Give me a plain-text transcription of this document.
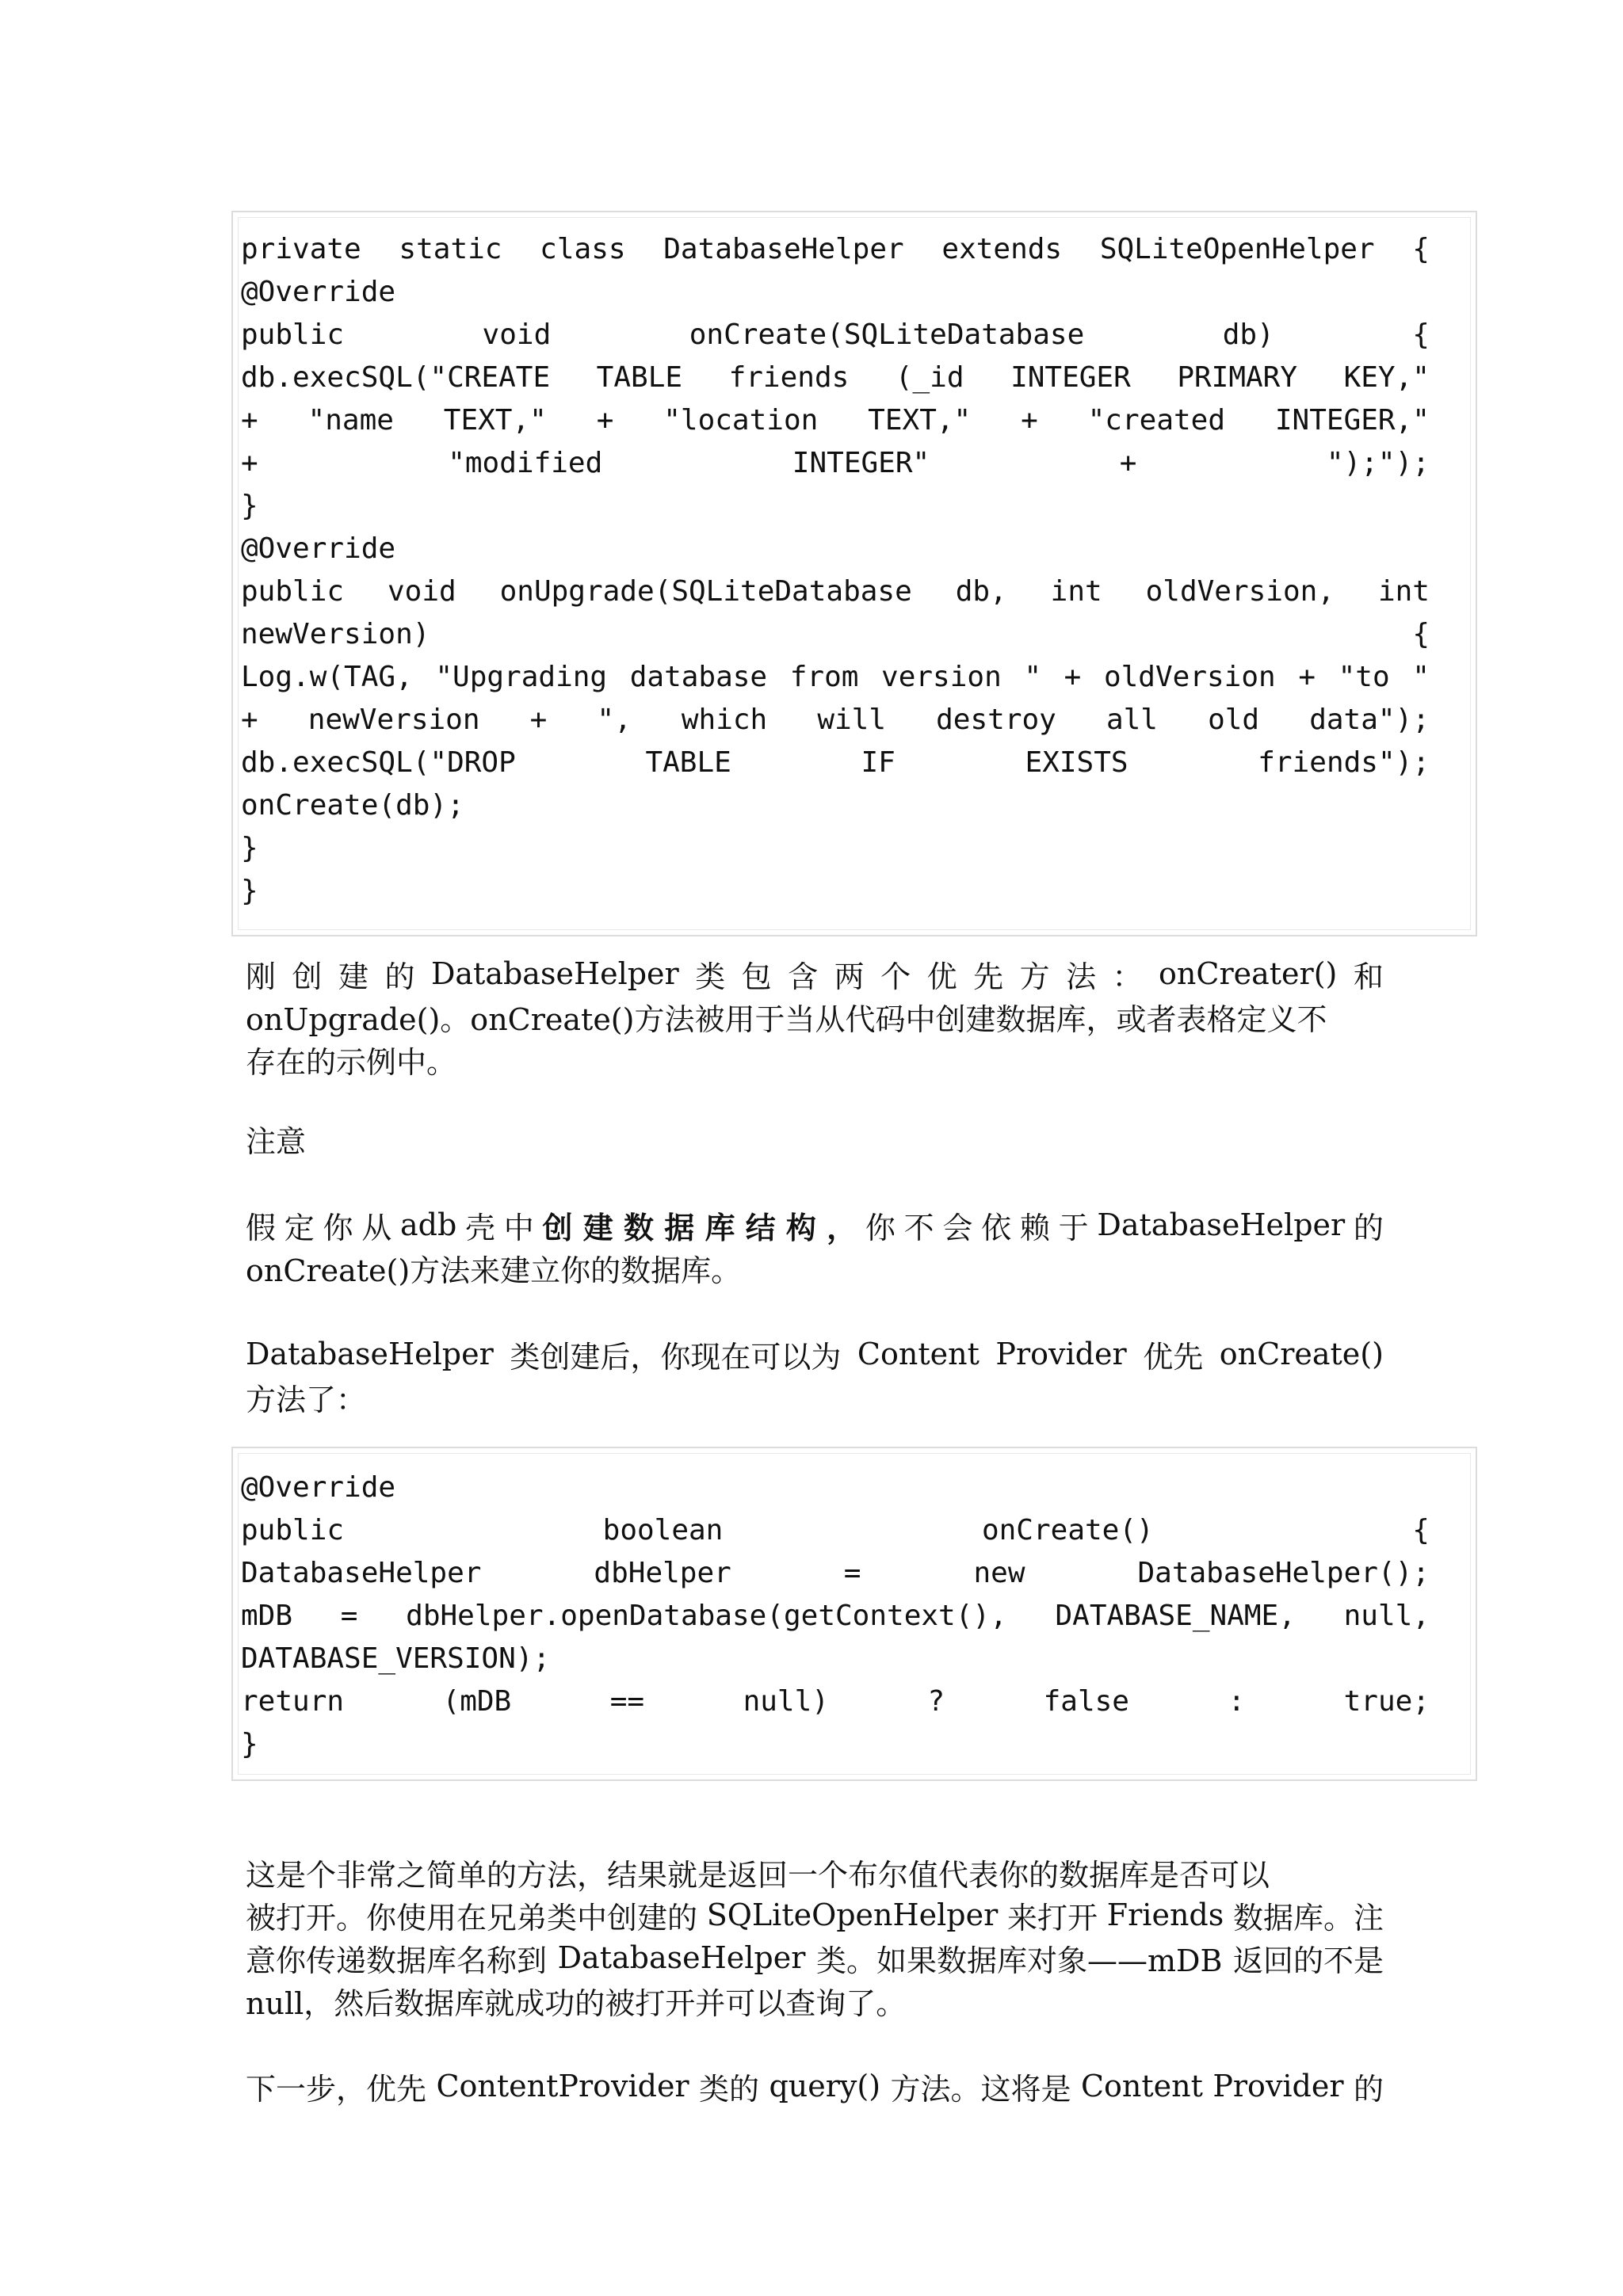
private static class DatabaseHelper extends SQLiteOpenHelper {
@Override
public	void	onCreate(SQLiteDatabase	db)	{
db.execSQL("CREATE TABLE friends (_id INTEGER PRIMARY KEY,"
+ "name TEXT," + "location TEXT," + "created INTEGER,"
+	"modified	INTEGER"	+	");");
}
@Override
public void onUpgrade(SQLiteDatabase db, int oldVersion, int
newVersion)	{
Log.w(TAG, "Upgrading database from version " + oldVersion + "to "
+ newVersion + ", which will destroy all old data");
db.execSQL("DROP	TABLE	IF	EXISTS	friends");
onCreate(db);
}
}
刚 创 建 的 DatabaseHelper 类 包 含 两 个 优 先 方 法 ： onCreater() 和
onUpgrade()。onCreate()方法被用于当从代码中创建数据库，或者表格定义不
存在的示例中。
注意
假 定 你 从 adb 壳 中 创 建 数 据 库 结 构 ， 你 不 会 依 赖 于 DatabaseHelper 的
onCreate()方法来建立你的数据库。
DatabaseHelper 类创建后，你现在可以为 Content Provider 优先 onCreate()
方法了：
@Override
public	boolean	onCreate()	{
DatabaseHelper	dbHelper	=	new	DatabaseHelper();
mDB = dbHelper.openDatabase(getContext(), DATABASE_NAME, null,
DATABASE_VERSION);
return	(mDB	==	null)	?	false	:	true;
}
这是个非常之简单的方法，结果就是返回一个布尔值代表你的数据库是否可以
被打开。你使用在兄弟类中创建的 SQLiteOpenHelper 来打开 Friends 数据库。注
意你传递数据库名称到 DatabaseHelper 类。如果数据库对象——mDB 返回的不是
null，然后数据库就成功的被打开并可以查询了。
下一步，优先 ContentProvider 类的 query() 方法。这将是 Content Provider 的
